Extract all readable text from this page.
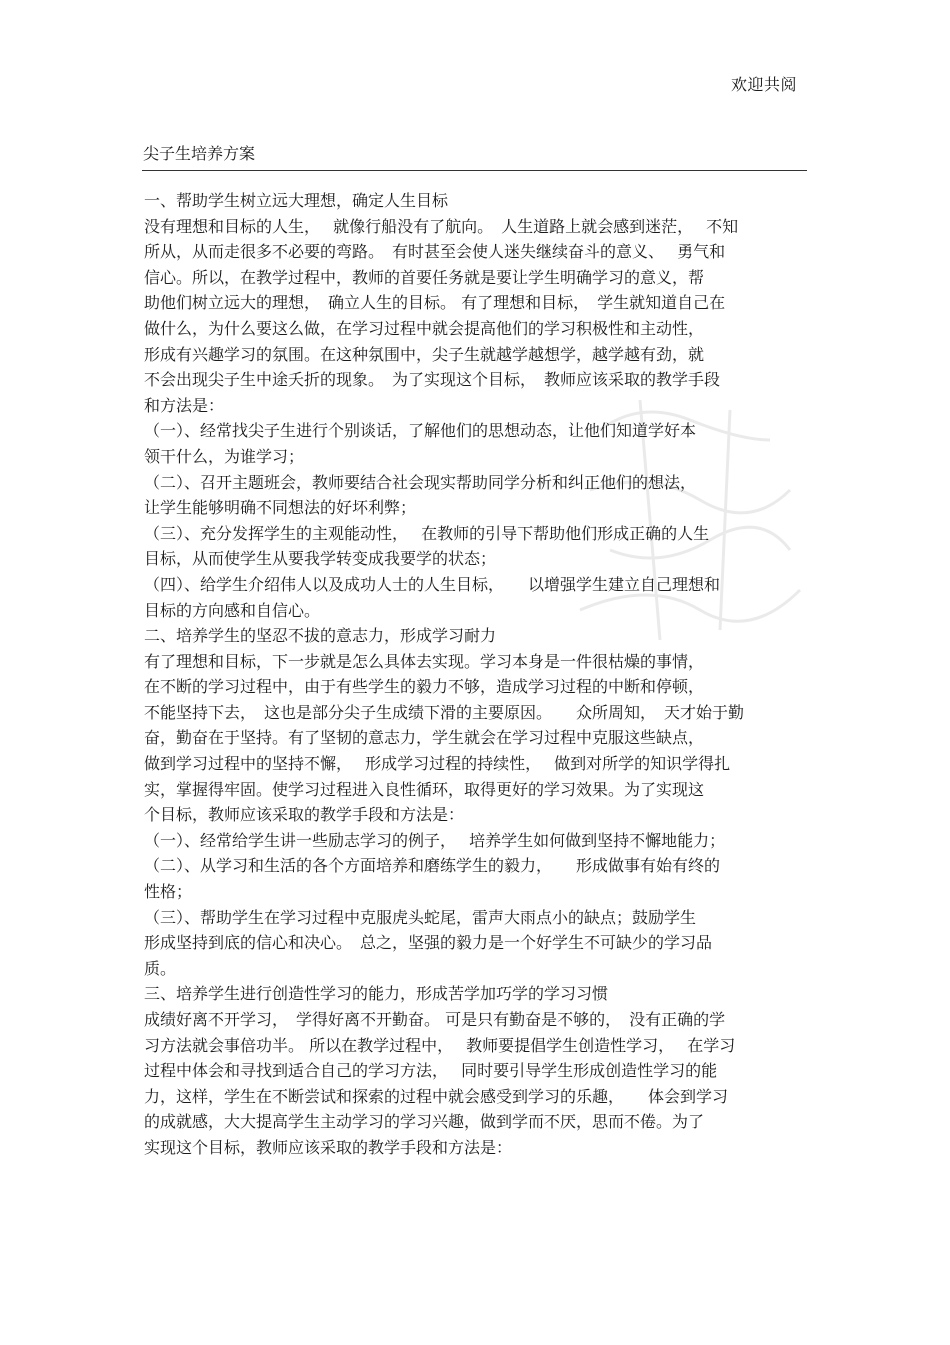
欢迎共阅

尖子生培养方案

一、帮助学生树立远大理想，确定人生目标
没有理想和目标的人生，　 就像行船没有了航向。　人生道路上就会感到迷茫，　 不知
所从，从而走很多不必要的弯路。　有时甚至会使人迷失继续奋斗的意义、　 勇气和
信心。所以，在教学过程中，教师的首要任务就是要让学生明确学习的意义，帮
助他们树立远大的理想，　确立人生的目标。 有了理想和目标，　学生就知道自己在
做什么，为什么要这么做，在学习过程中就会提高他们的学习积极性和主动性，
形成有兴趣学习的氛围。在这种氛围中，尖子生就越学越想学，越学越有劲，就
不会出现尖子生中途夭折的现象。　为了实现这个目标，　教师应该采取的教学手段
和方法是：
（一）、经常找尖子生进行个别谈话，了解他们的思想动态，让他们知道学好本
领干什么，为谁学习；
（二）、召开主题班会，教师要结合社会现实帮助同学分析和纠正他们的想法，
让学生能够明确不同想法的好坏利弊；
（三）、充分发挥学生的主观能动性，　 在教师的引导下帮助他们形成正确的人生
目标，从而使学生从要我学转变成我要学的状态；
（四）、给学生介绍伟人以及成功人士的人生目标，　　以增强学生建立自己理想和
目标的方向感和自信心。
二、培养学生的坚忍不拔的意志力，形成学习耐力
有了理想和目标，下一步就是怎么具体去实现。学习本身是一件很枯燥的事情，
在不断的学习过程中，由于有些学生的毅力不够，造成学习过程的中断和停顿，
不能坚持下去，　这也是部分尖子生成绩下滑的主要原因。　　众所周知，　天才始于勤
奋，勤奋在于坚持。有了坚韧的意志力，学生就会在学习过程中克服这些缺点，
做到学习过程中的坚持不懈，　 形成学习过程的持续性，　 做到对所学的知识学得扎
实，掌握得牢固。使学习过程进入良性循环，取得更好的学习效果。为了实现这
个目标，教师应该采取的教学手段和方法是：
（一）、经常给学生讲一些励志学习的例子，　 培养学生如何做到坚持不懈地能力；
（二）、从学习和生活的各个方面培养和磨练学生的毅力，　　形成做事有始有终的
性格；
（三）、帮助学生在学习过程中克服虎头蛇尾，雷声大雨点小的缺点；鼓励学生
形成坚持到底的信心和决心。　总之，坚强的毅力是一个好学生不可缺少的学习品
质。
三、培养学生进行创造性学习的能力，形成苦学加巧学的学习习惯
成绩好离不开学习，　学得好离不开勤奋。 可是只有勤奋是不够的，　没有正确的学
习方法就会事倍功半。 所以在教学过程中，　 教师要提倡学生创造性学习，　 在学习
过程中体会和寻找到适合自己的学习方法，　 同时要引导学生形成创造性学习的能
力，这样，学生在不断尝试和探索的过程中就会感受到学习的乐趣，　　体会到学习
的成就感，大大提高学生主动学习的学习兴趣，做到学而不厌，思而不倦。为了
实现这个目标，教师应该采取的教学手段和方法是：
